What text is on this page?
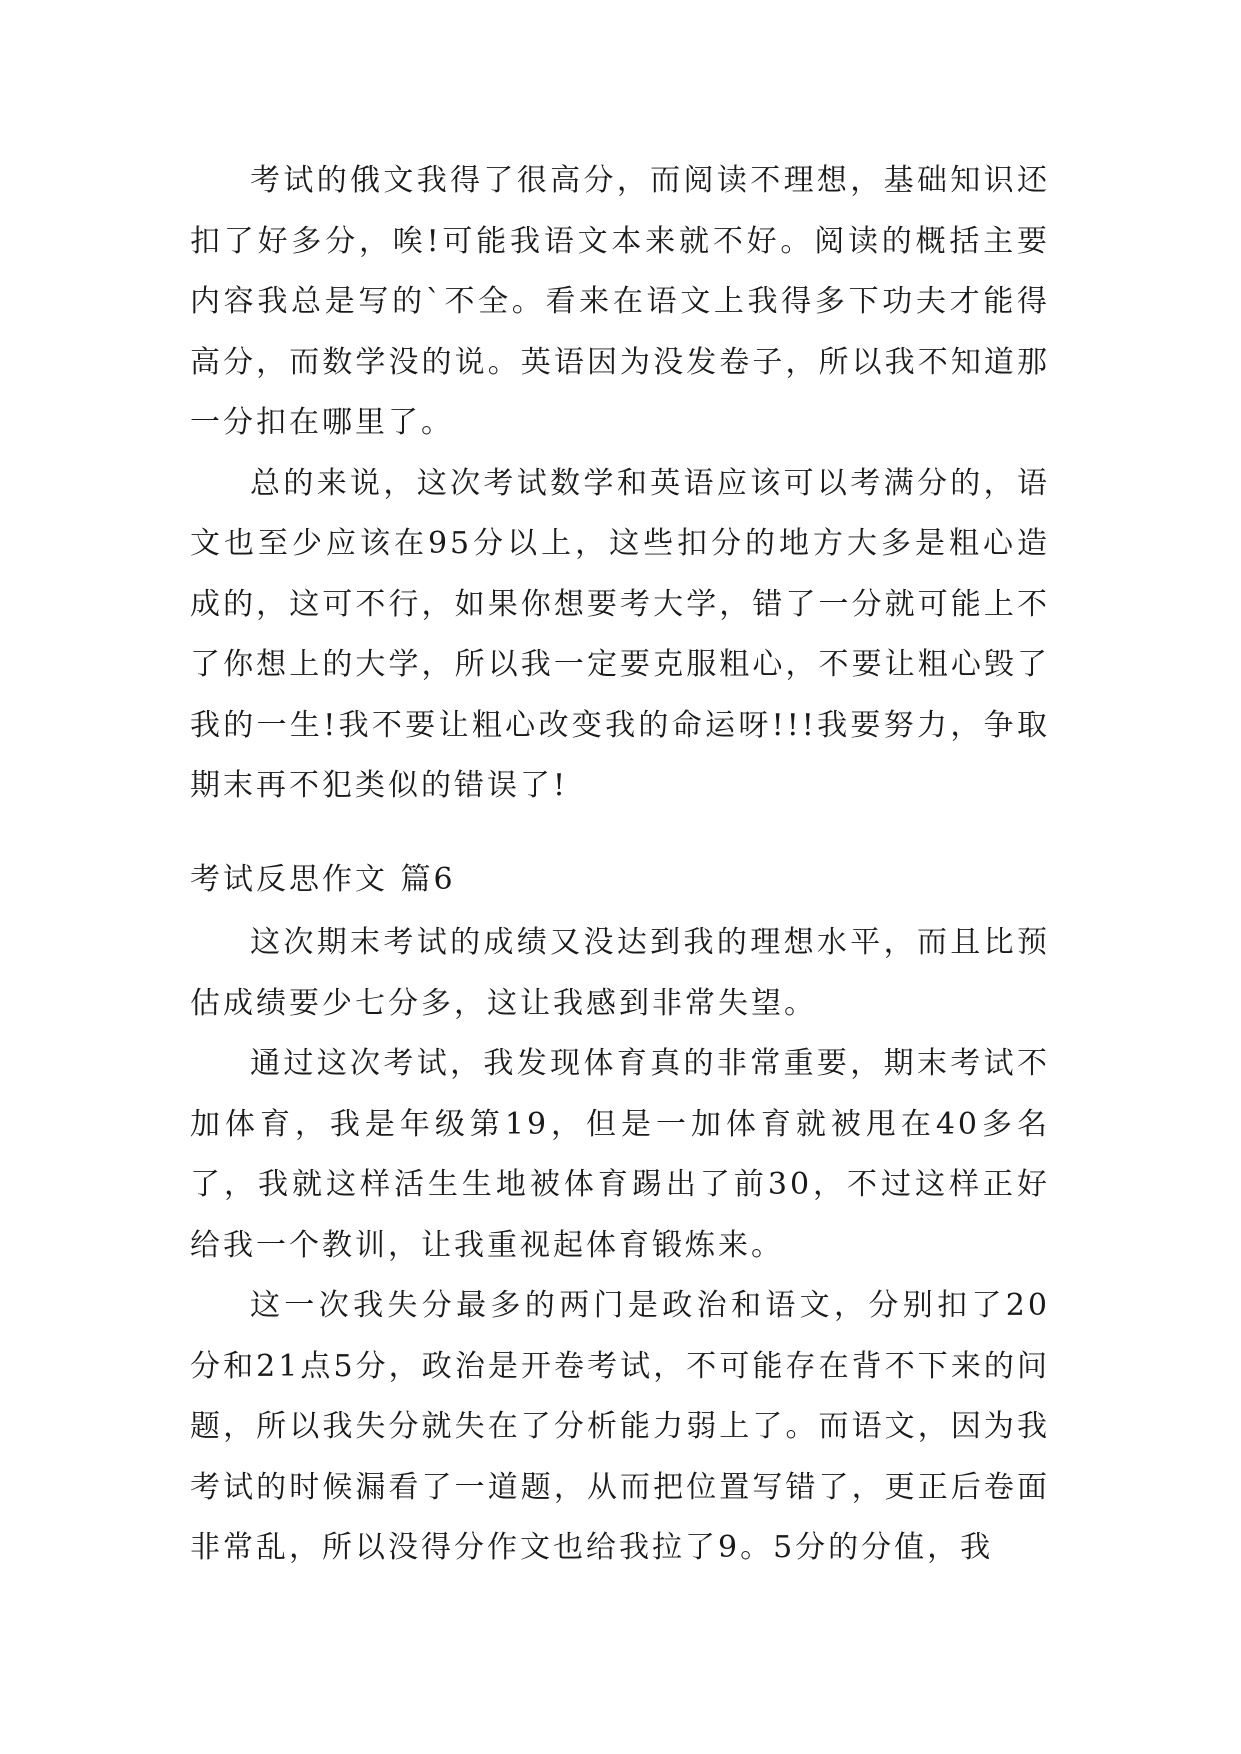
考试的俄文我得了很高分，而阅读不理想，基础知识还扣了好多分，唉!可能我语文本来就不好。阅读的概括主要内容我总是写的`不全。看来在语文上我得多下功夫才能得高分，而数学没的说。英语因为没发卷子，所以我不知道那一分扣在哪里了。

总的来说，这次考试数学和英语应该可以考满分的，语文也至少应该在95分以上，这些扣分的地方大多是粗心造成的，这可不行，如果你想要考大学，错了一分就可能上不了你想上的大学，所以我一定要克服粗心，不要让粗心毁了我的一生!我不要让粗心改变我的命运呀!!!我要努力，争取期末再不犯类似的错误了!

考试反思作文 篇6

这次期末考试的成绩又没达到我的理想水平，而且比预估成绩要少七分多，这让我感到非常失望。

通过这次考试，我发现体育真的非常重要，期末考试不加体育，我是年级第19，但是一加体育就被甩在40多名了，我就这样活生生地被体育踢出了前30，不过这样正好给我一个教训，让我重视起体育锻炼来。

这一次我失分最多的两门是政治和语文，分别扣了20分和21点5分，政治是开卷考试，不可能存在背不下来的问题，所以我失分就失在了分析能力弱上了。而语文，因为我考试的时候漏看了一道题，从而把位置写错了，更正后卷面非常乱，所以没得分作文也给我拉了9。5分的分值，我
